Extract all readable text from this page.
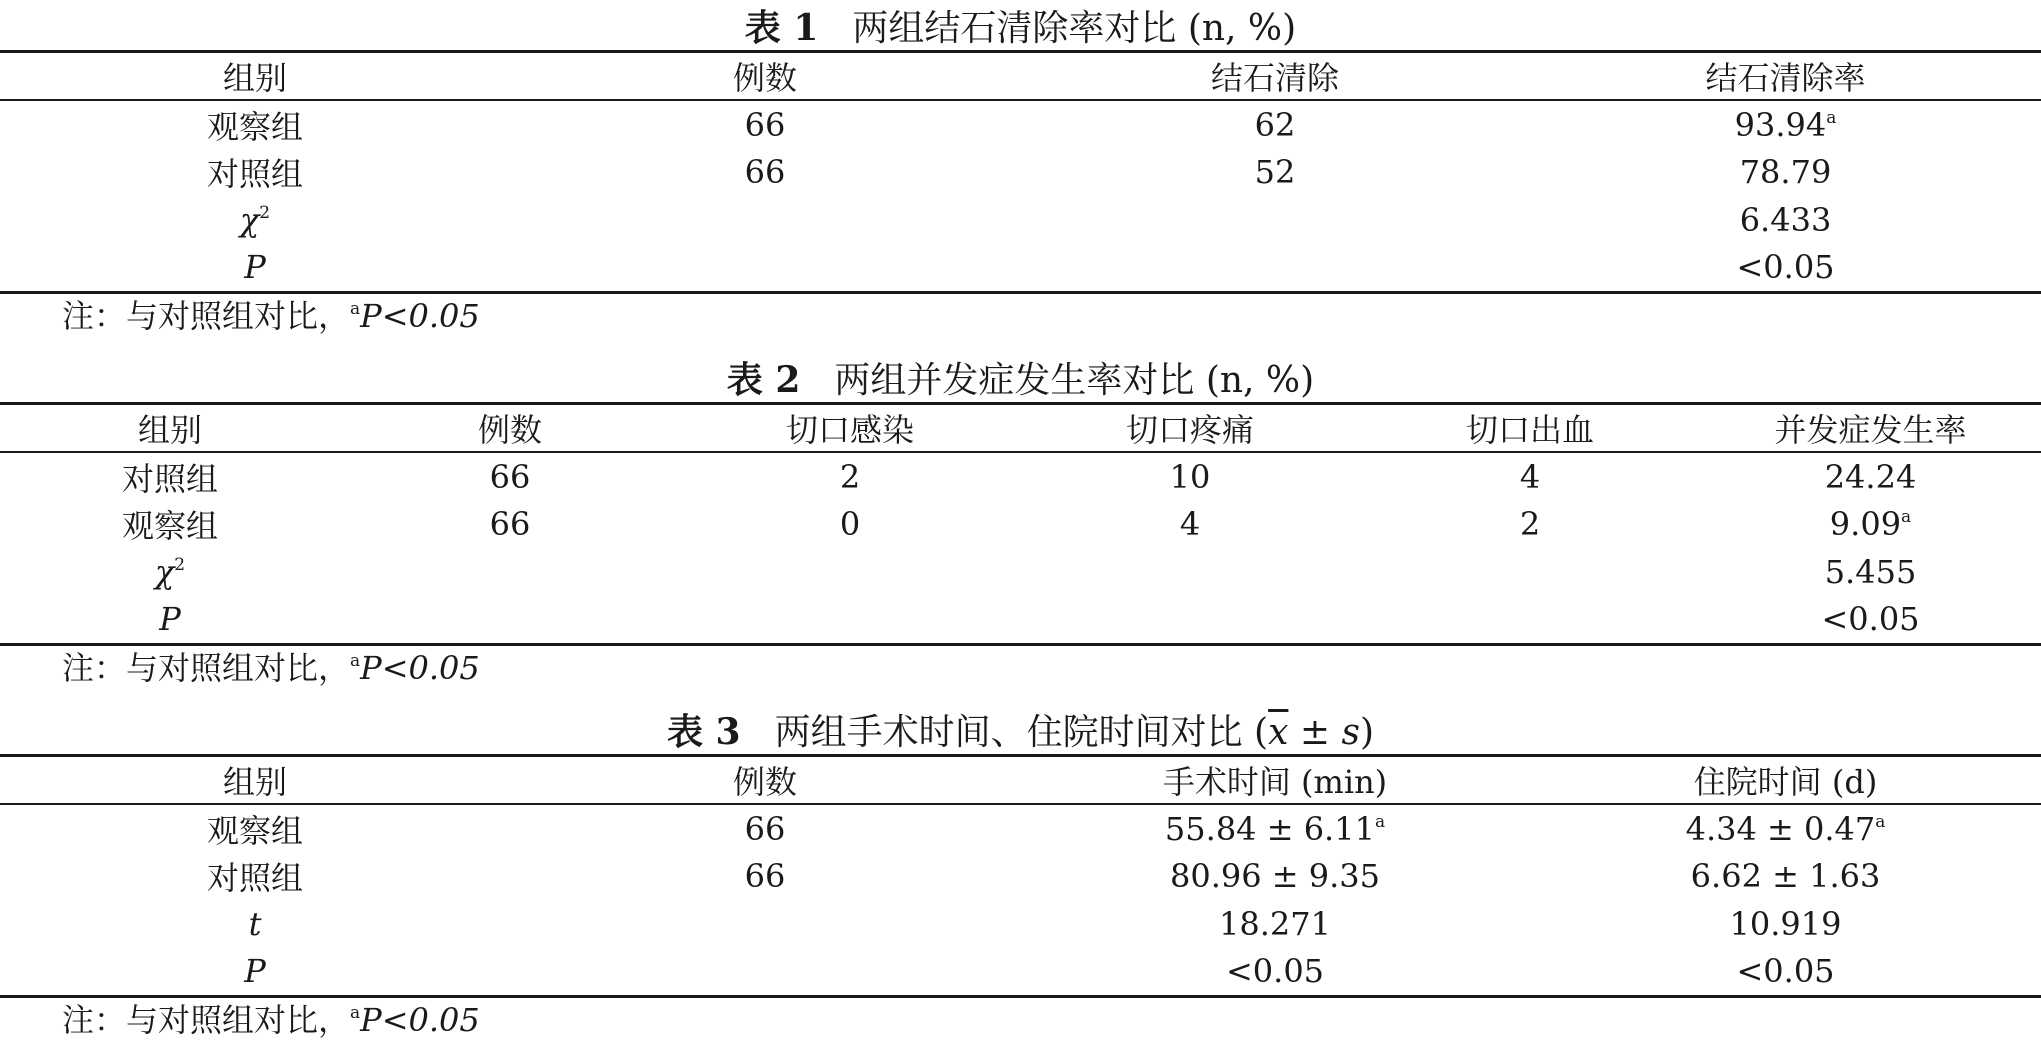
表 1 两组结石清除率对比 (n, %)
组别	例数	结石清除	结石清除率
观察组	66	62	93.94$^a$
对照组	66	52	78.79
$\chi^2$			6.433
P			<0.05
注：与对照组对比，$^a$P<0.05
表 2 两组并发症发生率对比 (n, %)
组别	例数	切口感染	切口疼痛	切口出血	并发症发生率
对照组	66	2	10	4	24.24
观察组	66	0	4	2	9.09$^a$
$\chi^2$					5.455
P					<0.05
注：与对照组对比，$^a$P<0.05
表 3 两组手术时间、住院时间对比 $(\overline{x} \pm s)$
组别	例数	手术时间 (min)	住院时间 (d)
观察组	66	55.84 ± 6.11$^a$	4.34 ± 0.47$^a$
对照组	66	80.96 ± 9.35	6.62 ± 1.63
t		18.271	10.919
P		<0.05	<0.05
注：与对照组对比，$^a$P<0.05
